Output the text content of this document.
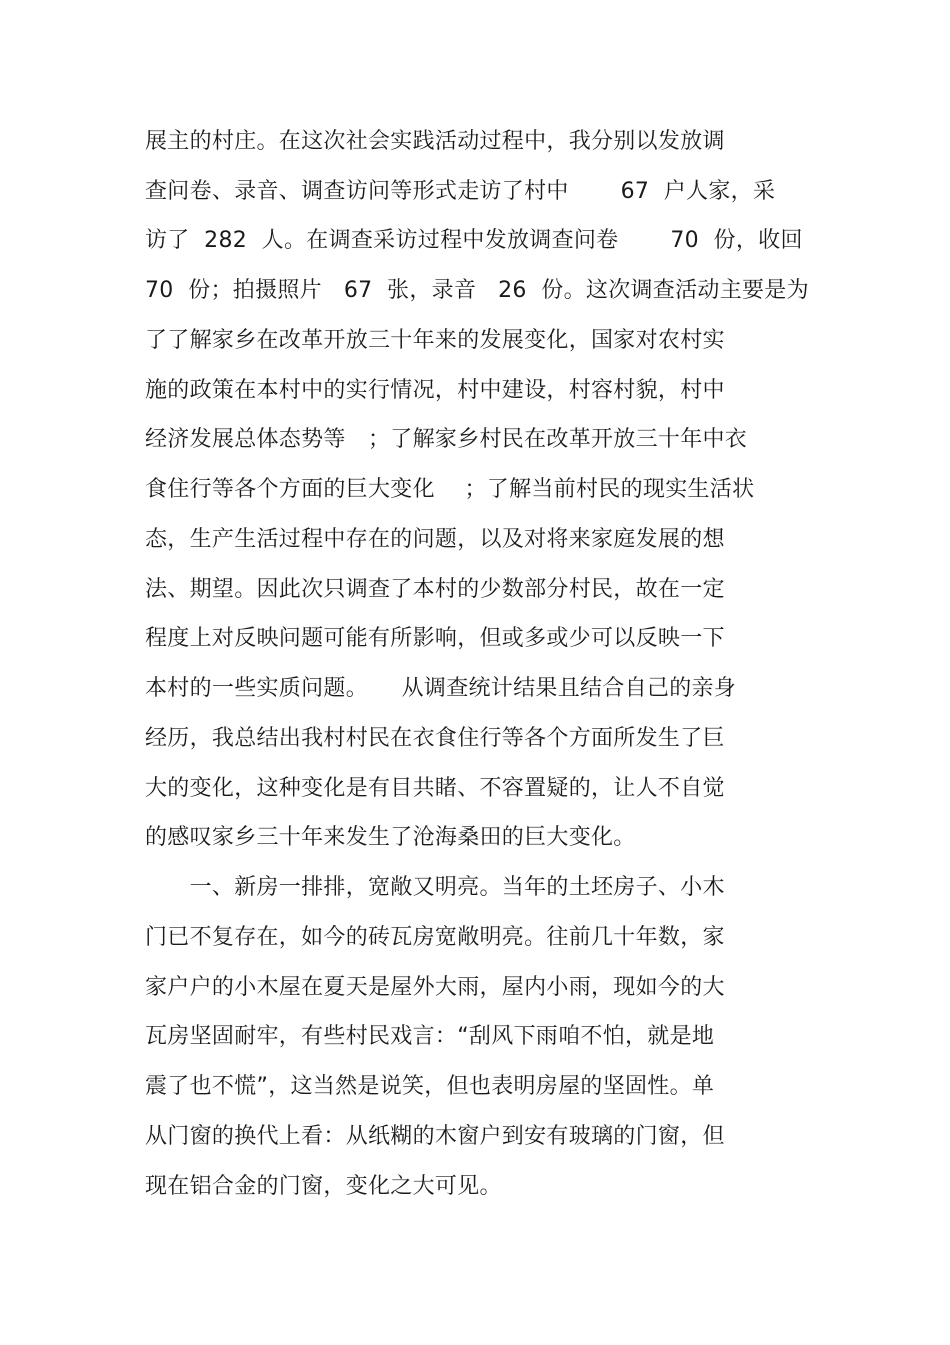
展主的村庄。在这次社会实践活动过程中，我分别以发放调
查问卷、录音、调查访问等形式走访了村中　　 67  户人家，采
访了  282  人。在调查采访过程中发放调查问卷　　 70  份，收回
70  份；拍摄照片   67  张，录音   26  份。这次调查活动主要是为
了了解家乡在改革开放三十年来的发展变化，国家对农村实
施的政策在本村中的实行情况，村中建设，村容村貌，村中
经济发展总体态势等　；了解家乡村民在改革开放三十年中衣
食住行等各个方面的巨大变化　 ；了解当前村民的现实生活状
态，生产生活过程中存在的问题，以及对将来家庭发展的想
法、期望。因此次只调查了本村的少数部分村民，故在一定
程度上对反映问题可能有所影响，但或多或少可以反映一下
本村的一些实质问题。　　从调查统计结果且结合自己的亲身
经历，我总结出我村村民在衣食住行等各个方面所发生了巨
大的变化，这种变化是有目共睹、不容置疑的，让人不自觉
的感叹家乡三十年来发生了沧海桑田的巨大变化。
　　一、新房一排排，宽敞又明亮。当年的土坯房子、小木
门已不复存在，如今的砖瓦房宽敞明亮。往前几十年数，家
家户户的小木屋在夏天是屋外大雨，屋内小雨，现如今的大
瓦房坚固耐牢，有些村民戏言：“刮风下雨咱不怕，就是地
震了也不慌”，这当然是说笑，但也表明房屋的坚固性。单
从门窗的换代上看：从纸糊的木窗户到安有玻璃的门窗，但
现在铝合金的门窗，变化之大可见。
